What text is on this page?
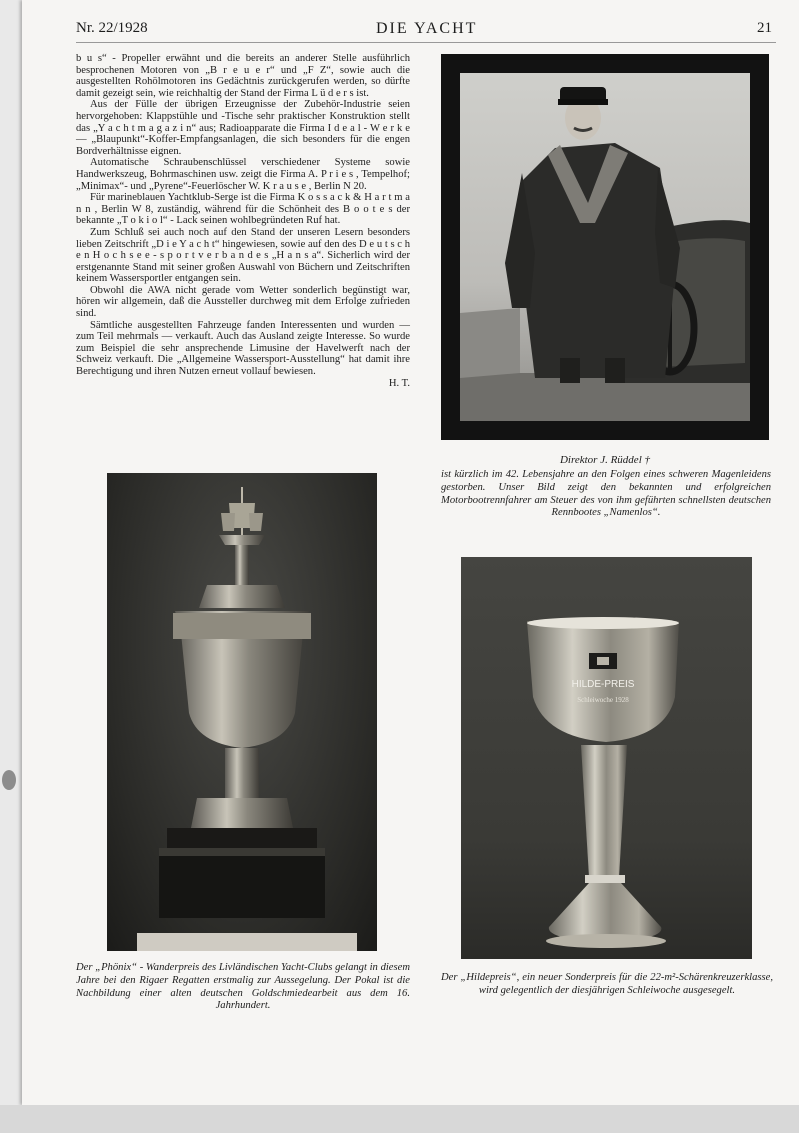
Nr. 22/1928	DIE YACHT	21

b u s“ - Propeller erwähnt und die bereits an anderer Stelle ausführlich besprochenen Motoren von „B r e u e r“ und „F Z“, sowie auch die ausgestellten Rohölmotoren ins Gedächtnis zurückgerufen werden, so dürfte damit gezeigt sein, wie reichhaltig der Stand der Firma L ü d e r s ist.

Aus der Fülle der übrigen Erzeugnisse der Zubehör-Industrie seien hervorgehoben: Klappstühle und -Tische sehr praktischer Konstruktion stellt das „Y a c h t m a g a z i n“ aus; Radioapparate die Firma I d e a l - W e r k e — „Blaupunkt“-Koffer-Empfangsanlagen, die sich besonders für die engen Bordverhältnisse eignen.

Automatische Schraubenschlüssel verschiedener Systeme sowie Handwerkszeug, Bohrmaschinen usw. zeigt die Firma A. P r i e s , Tempelhof; „Minimax“- und „Pyrene“-Feuerlöscher W. K r a u s e , Berlin N 20.

Für marineblauen Yachtklub-Serge ist die Firma K o s s a c k & H a r t m a n n , Berlin W 8, zuständig, während für die Schönheit des B o o t e s der bekannte „T o k i o l“ - Lack seinen wohlbegründeten Ruf hat.

Zum Schluß sei auch noch auf den Stand der unseren Lesern besonders lieben Zeitschrift „D i e Y a c h t“ hingewiesen, sowie auf den des D e u t s c h e n H o c h s e e - s p o r t v e r b a n d e s „H a n s a“. Sicherlich wird der erstgenannte Stand mit seiner großen Auswahl von Büchern und Zeitschriften keinem Wassersportler entgangen sein.

Obwohl die AWA nicht gerade vom Wetter sonderlich begünstigt war, hören wir allgemein, daß die Aussteller durchweg mit dem Erfolge zufrieden sind.

Sämtliche ausgestellten Fahrzeuge fanden Interessenten und wurden — zum Teil mehrmals — verkauft. Auch das Ausland zeigte Interesse. So wurde zum Beispiel die sehr ansprechende Limusine der Havelwerft nach der Schweiz verkauft. Die „Allgemeine Wassersport-Ausstellung“ hat damit ihre Berechtigung und ihren Nutzen erneut vollauf bewiesen.

H. T.
Direktor J. Rüddel †
ist kürzlich im 42. Lebensjahre an den Folgen eines schweren Magenleidens gestorben. Unser Bild zeigt den bekannten und erfolgreichen Motorbootrennfahrer am Steuer des von ihm geführten schnellsten deutschen Rennbootes „Namenlos“.
Der „Phönix“ - Wanderpreis des Livländischen Yacht-Clubs gelangt in diesem Jahre bei den Rigaer Regatten erstmalig zur Aussegelung. Der Pokal ist die Nachbildung einer alten deutschen Goldschmiedearbeit aus dem 16. Jahrhundert.
HILDE-PREIS
Schleiwoche 1928
Der „Hildepreis“, ein neuer Sonderpreis für die 22-m²-Schärenkreuzerklasse, wird gelegentlich der diesjährigen Schleiwoche ausgesegelt.
